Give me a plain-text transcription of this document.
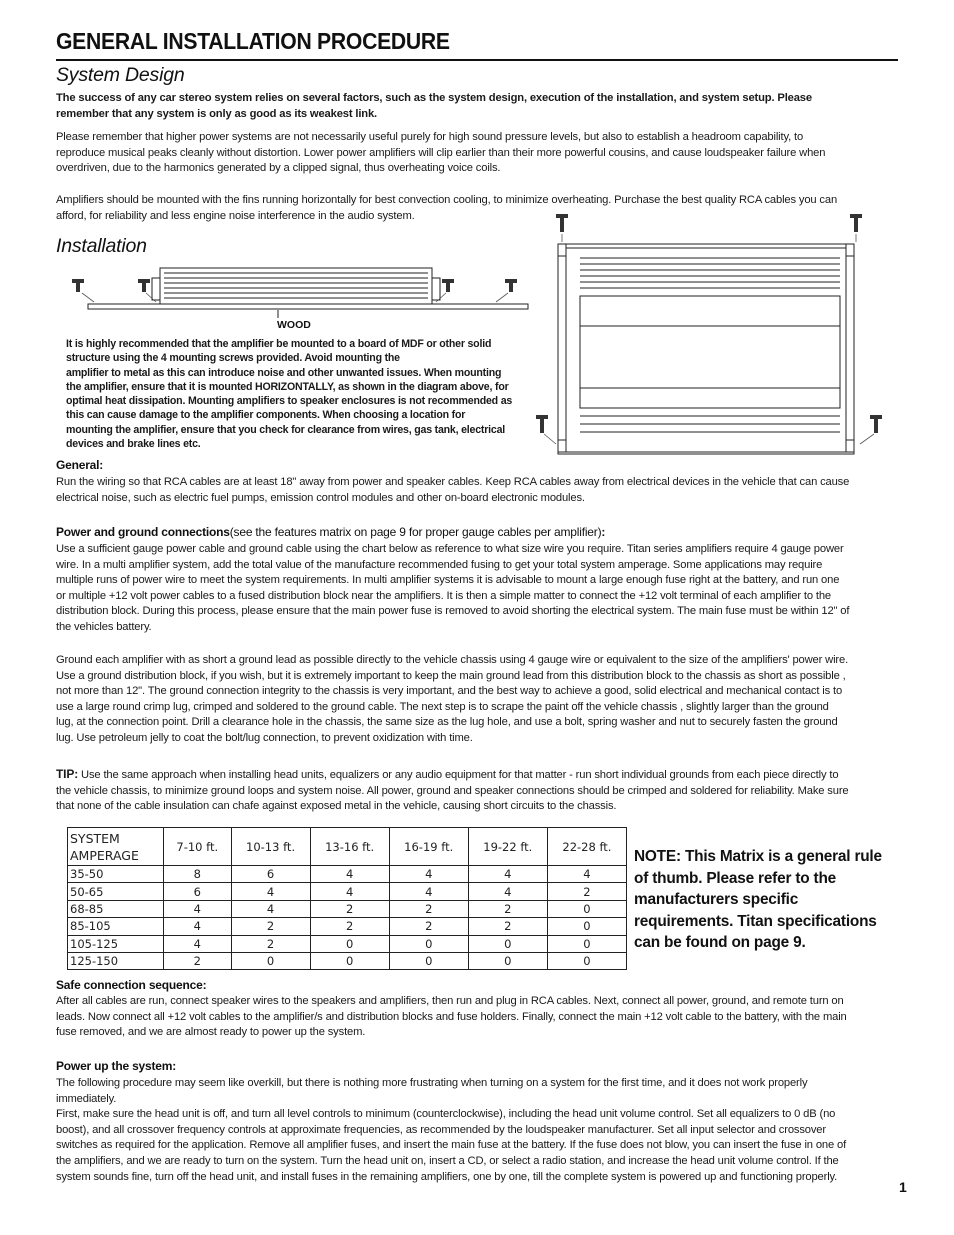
GENERAL INSTALLATION PROCEDURE
System Design
The success of any car stereo system relies on several factors, such as the system design, execution of the installation, and system setup. Please
remember that any system is only as good as its weakest link.
Please remember that higher power systems are not necessarily useful purely for high sound pressure levels, but also to establish a headroom capability, to
reproduce musical peaks cleanly without distortion. Lower power amplifiers will clip earlier than their more powerful cousins, and cause loudspeaker failure when
overdriven, due to the harmonics generated by a clipped signal, thus overheating voice coils.
Amplifiers should be mounted with the fins running horizontally for best convection cooling, to minimize overheating. Purchase the best quality RCA cables you can
afford, for reliability and less engine noise interference in the audio system.
Installation
WOOD
It is highly recommended that the amplifier be mounted to a board of MDF or other solid
structure using the 4 mounting screws provided. Avoid mounting the
amplifier to metal as this can introduce noise and other unwanted issues. When mounting
the amplifier, ensure that it is mounted HORIZONTALLY, as shown in the diagram above, for
optimal heat dissipation. Mounting amplifiers to speaker enclosures is not recommended as
this can cause damage to the amplifier components. When choosing a location for
mounting the amplifier, ensure that you check for clearance from wires, gas tank, electrical
devices and brake lines etc.
General:
Run the wiring so that RCA cables are at least 18" away from power and speaker cables. Keep RCA cables away from electrical devices in the vehicle that can cause
electrical noise, such as electric fuel pumps, emission control modules and other on-board electronic modules.
Power and ground connections(see the features matrix on page 9 for proper gauge cables per amplifier):
Use a sufficient gauge power cable and ground cable using the chart below as reference to what size wire you require. Titan series amplifiers require 4 gauge power
wire. In a multi amplifier system, add the total value of the manufacture recommended fusing to get your total system amperage. Some applications may require
multiple runs of power wire to meet the system requirements. In multi amplifier systems it is advisable to mount a large enough fuse right at the battery, and run one
or multiple +12 volt power cables to a fused distribution block near the amplifiers. It is then a simple matter to connect the +12 volt terminal of each amplifier to the
distribution block. During this process, please ensure that the main power fuse is removed to avoid shorting the electrical system. The main fuse must be within 12" of
the vehicles battery.
Ground each amplifier with as short a ground lead as possible directly to the vehicle chassis using 4 gauge wire or equivalent to the size of the amplifiers' power wire.
Use a ground distribution block, if you wish, but it is extremely important to keep the main ground lead from this distribution block to the chassis as short as possible ,
not more than 12". The ground connection integrity to the chassis is very important, and the best way to achieve a good, solid electrical and mechanical contact is to
use a large round crimp lug, crimped and soldered to the ground cable. The next step is to scrape the paint off the vehicle chassis , slightly larger than the ground
lug, at the connection point. Drill a clearance hole in the chassis, the same size as the lug hole, and use a bolt, spring washer and nut to securely fasten the ground
lug. Use petroleum jelly to coat the bolt/lug connection, to prevent oxidization with time.
TIP: Use the same approach when installing head units, equalizers or any audio equipment for that matter - run short individual grounds from each piece directly to
the vehicle chassis, to minimize ground loops and system noise. All power, ground and speaker connections should be crimped and soldered for reliability. Make sure
that none of the cable insulation can chafe against exposed metal in the vehicle, causing short circuits to the chassis.
SYSTEM
AMPERAGE	7-10 ft.	10-13 ft.	13-16 ft.	16-19 ft.	19-22 ft.	22-28 ft.
35-50	8	6	4	4	4	4
50-65	6	4	4	4	4	2
68-85	4	4	2	2	2	0
85-105	4	2	2	2	2	0
105-125	4	2	0	0	0	0
125-150	2	0	0	0	0	0
NOTE: This Matrix is a general rule
of thumb. Please refer to the
manufacturers specific
requirements. Titan specifications
can be found on page 9.
Safe connection sequence:
After all cables are run, connect speaker wires to the speakers and amplifiers, then run and plug in RCA cables. Next, connect all power, ground, and remote turn on
leads. Now connect all +12 volt cables to the amplifier/s and distribution blocks and fuse holders. Finally, connect the main +12 volt cable to the battery, with the main
fuse removed, and we are almost ready to power up the system.
Power up the system:
The following procedure may seem like overkill, but there is nothing more frustrating when turning on a system for the first time, and it does not work properly
immediately.
First, make sure the head unit is off, and turn all level controls to minimum (counterclockwise), including the head unit volume control. Set all equalizers to 0 dB (no
boost), and all crossover frequency controls at approximate frequencies, as recommended by the loudspeaker manufacturer. Set all input selector and crossover
switches as required for the application. Remove all amplifier fuses, and insert the main fuse at the battery. If the fuse does not blow, you can insert the fuse in one of
the amplifiers, and we are ready to turn on the system. Turn the head unit on, insert a CD, or select a radio station, and increase the head unit volume control. If the
system sounds fine, turn off the head unit, and install fuses in the remaining amplifiers, one by one, till the complete system is powered up and functioning properly.
1
